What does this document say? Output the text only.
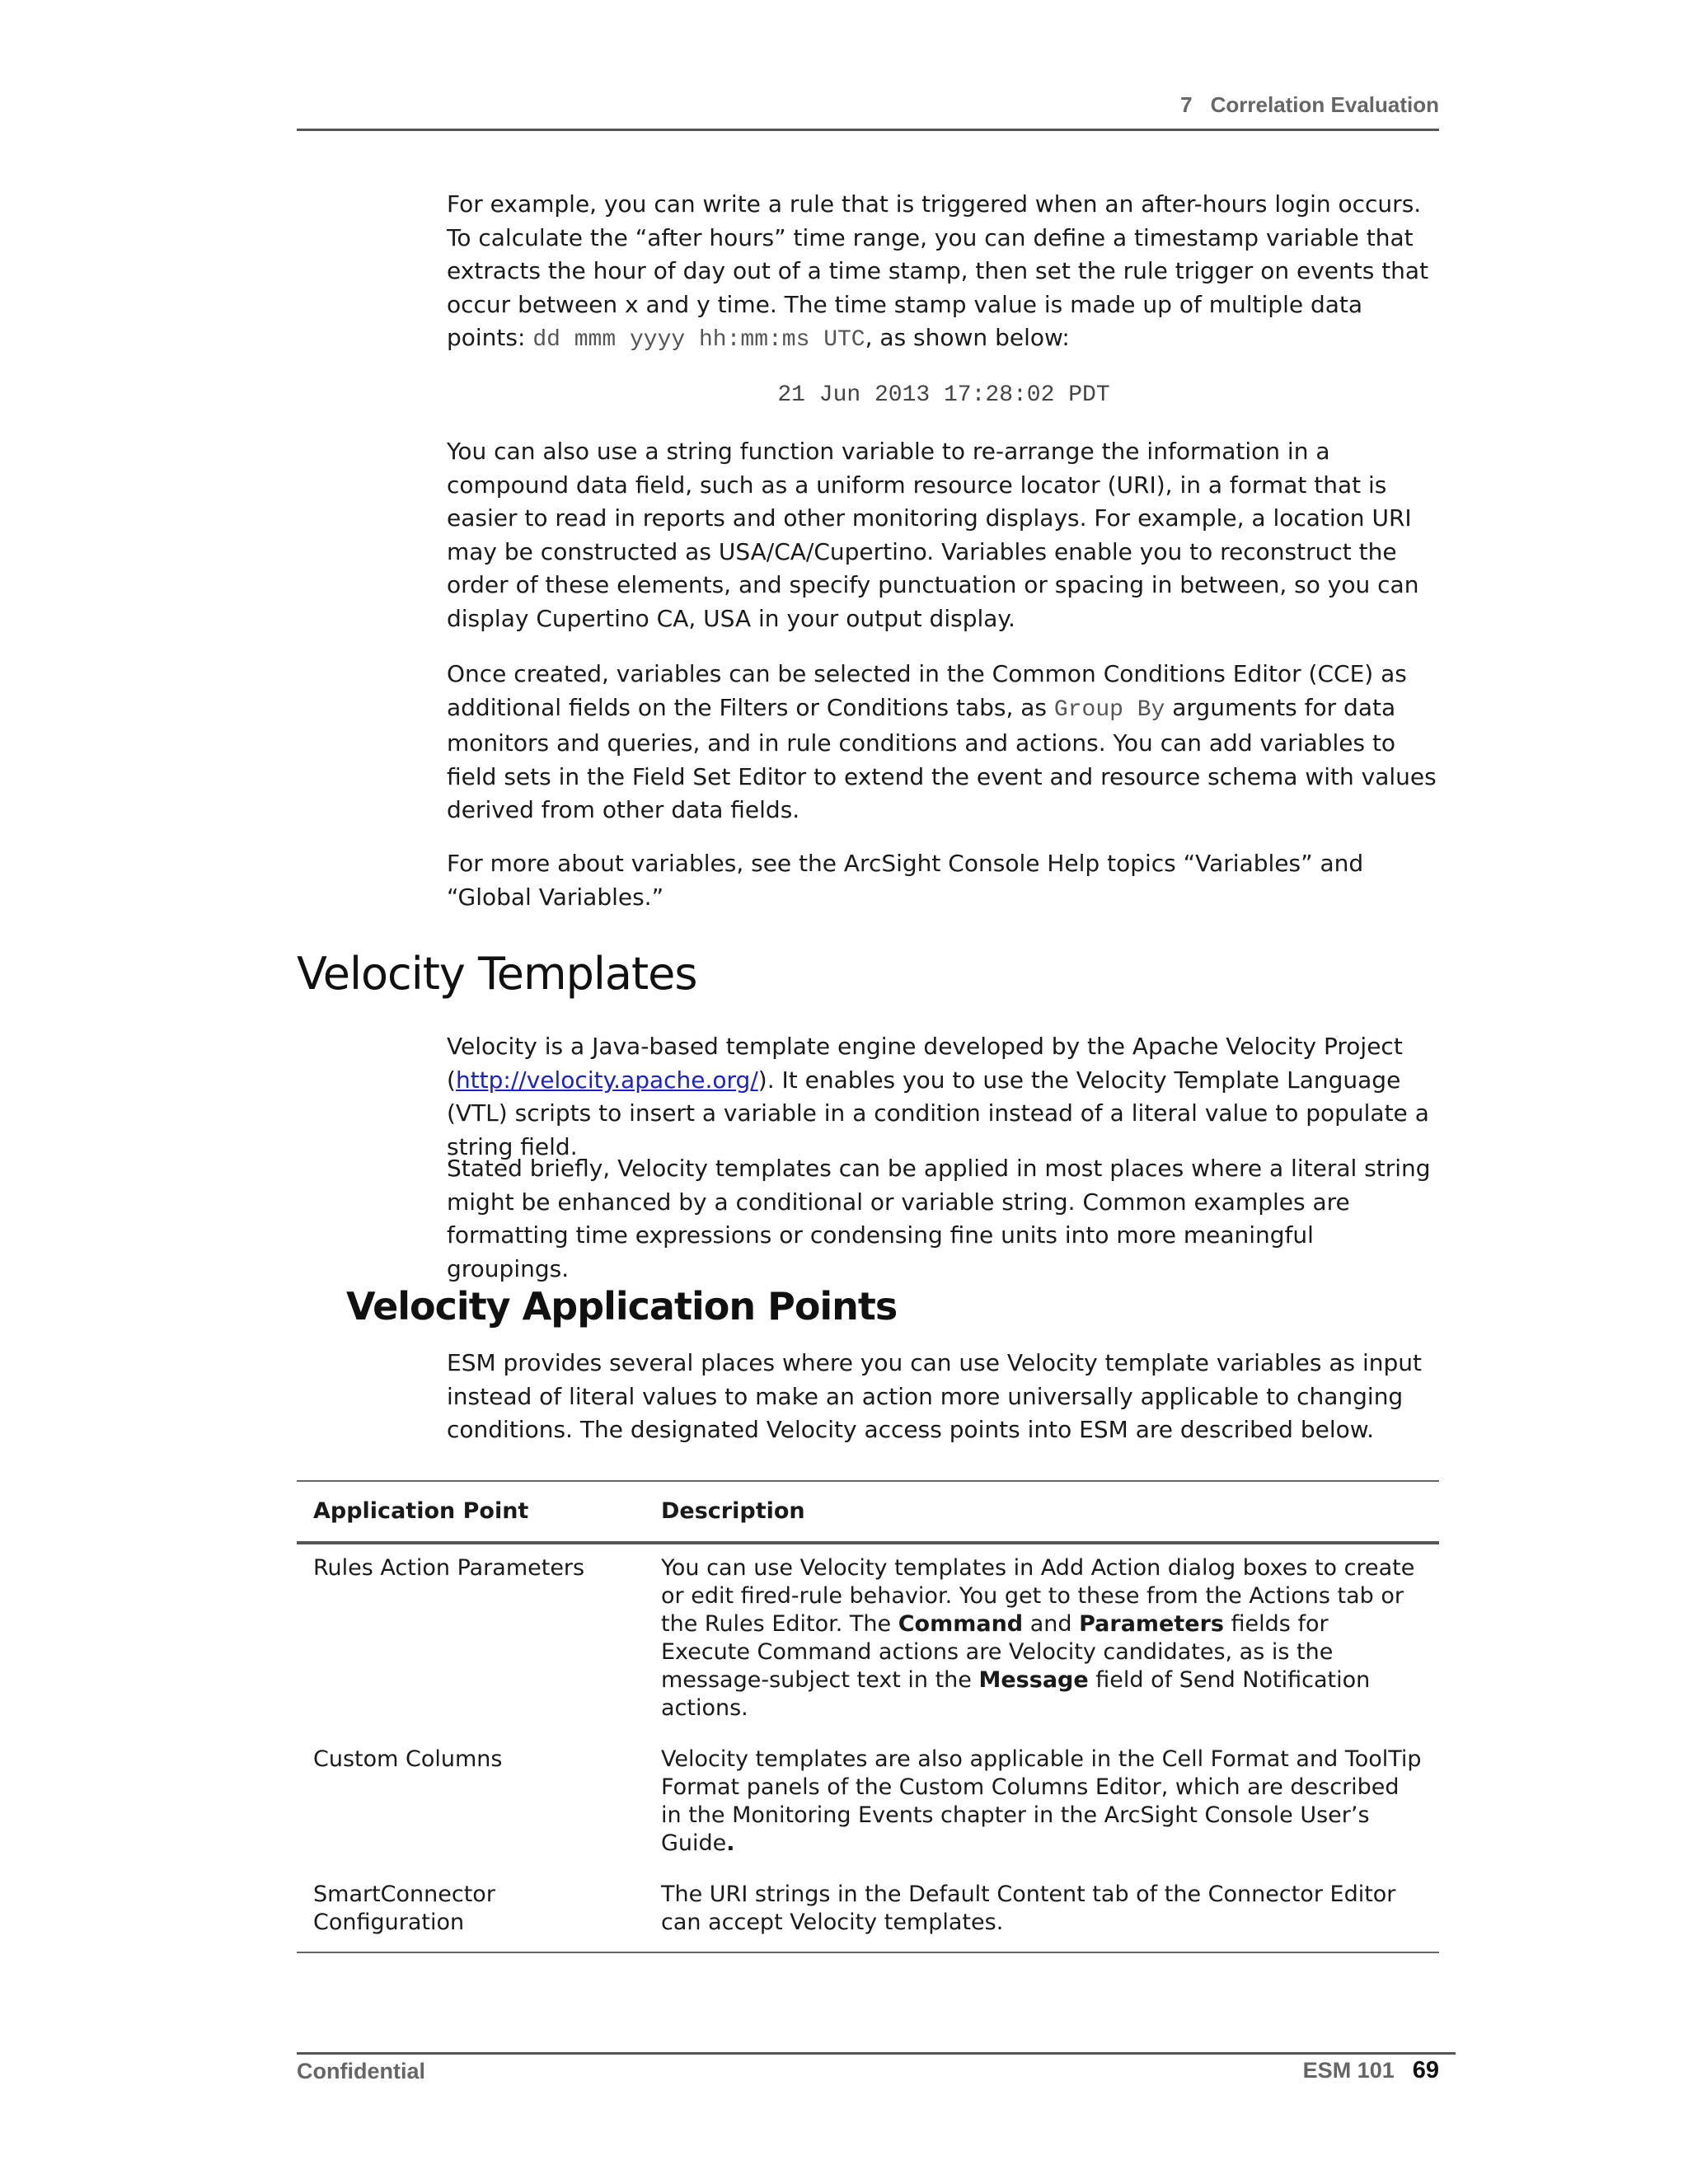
7 Correlation Evaluation

For example, you can write a rule that is triggered when an after-hours login occurs. To calculate the “after hours” time range, you can define a timestamp variable that extracts the hour of day out of a time stamp, then set the rule trigger on events that occur between x and y time. The time stamp value is made up of multiple data points: dd mmm yyyy hh:mm:ms UTC, as shown below:

21 Jun 2013 17:28:02 PDT

You can also use a string function variable to re-arrange the information in a compound data field, such as a uniform resource locator (URI), in a format that is easier to read in reports and other monitoring displays. For example, a location URI may be constructed as USA/CA/Cupertino. Variables enable you to reconstruct the order of these elements, and specify punctuation or spacing in between, so you can display Cupertino CA, USA in your output display.

Once created, variables can be selected in the Common Conditions Editor (CCE) as additional fields on the Filters or Conditions tabs, as Group By arguments for data monitors and queries, and in rule conditions and actions. You can add variables to field sets in the Field Set Editor to extend the event and resource schema with values derived from other data fields.

For more about variables, see the ArcSight Console Help topics “Variables” and “Global Variables.”

Velocity Templates

Velocity is a Java-based template engine developed by the Apache Velocity Project (http://velocity.apache.org/). It enables you to use the Velocity Template Language (VTL) scripts to insert a variable in a condition instead of a literal value to populate a string field.

Stated briefly, Velocity templates can be applied in most places where a literal string might be enhanced by a conditional or variable string. Common examples are formatting time expressions or condensing fine units into more meaningful groupings.

Velocity Application Points

ESM provides several places where you can use Velocity template variables as input instead of literal values to make an action more universally applicable to changing conditions. The designated Velocity access points into ESM are described below.

Application Point	Description
Rules Action Parameters	You can use Velocity templates in Add Action dialog boxes to create or edit fired-rule behavior. You get to these from the Actions tab or the Rules Editor. The Command and Parameters fields for Execute Command actions are Velocity candidates, as is the message-subject text in the Message field of Send Notification actions.
Custom Columns	Velocity templates are also applicable in the Cell Format and ToolTip Format panels of the Custom Columns Editor, which are described in the Monitoring Events chapter in the ArcSight Console User’s Guide.
SmartConnector Configuration	The URI strings in the Default Content tab of the Connector Editor can accept Velocity templates.
Confidential	ESM 101 69
